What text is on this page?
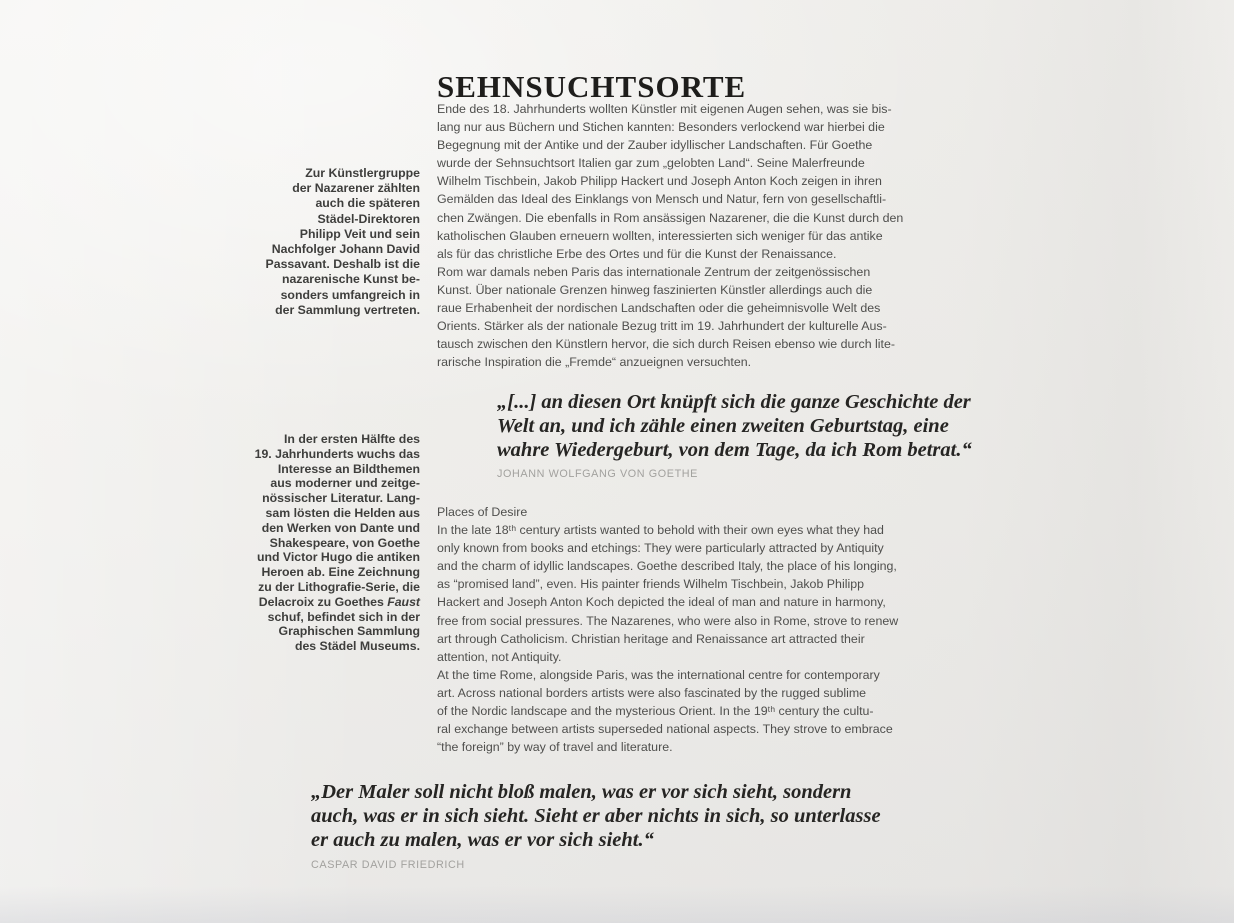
SEHNSUCHTSORTE
Zur Künstlergruppe
der Nazarener zählten
auch die späteren
Städel-Direktoren
Philipp Veit und sein
Nachfolger Johann David
Passavant. Deshalb ist die
nazarenische Kunst be-
sonders umfangreich in
der Sammlung vertreten.
Ende des 18. Jahrhunderts wollten Künstler mit eigenen Augen sehen, was sie bis-
lang nur aus Büchern und Stichen kannten: Besonders verlockend war hierbei die
Begegnung mit der Antike und der Zauber idyllischer Landschaften. Für Goethe
wurde der Sehnsuchtsort Italien gar zum „gelobten Land“. Seine Malerfreunde
Wilhelm Tischbein, Jakob Philipp Hackert und Joseph Anton Koch zeigen in ihren
Gemälden das Ideal des Einklangs von Mensch und Natur, fern von gesellschaftli-
chen Zwängen. Die ebenfalls in Rom ansässigen Nazarener, die die Kunst durch den
katholischen Glauben erneuern wollten, interessierten sich weniger für das antike
als für das christliche Erbe des Ortes und für die Kunst der Renaissance.
Rom war damals neben Paris das internationale Zentrum der zeitgenössischen
Kunst. Über nationale Grenzen hinweg faszinierten Künstler allerdings auch die
raue Erhabenheit der nordischen Landschaften oder die geheimnisvolle Welt des
Orients. Stärker als der nationale Bezug tritt im 19. Jahrhundert der kulturelle Aus-
tausch zwischen den Künstlern hervor, die sich durch Reisen ebenso wie durch lite-
rarische Inspiration die „Fremde“ anzueignen versuchten.
„[...] an diesen Ort knüpft sich die ganze Geschichte der
Welt an, und ich zähle einen zweiten Geburtstag, eine
wahre Wiedergeburt, von dem Tage, da ich Rom betrat.“
JOHANN WOLFGANG VON GOETHE
In der ersten Hälfte des
19. Jahrhunderts wuchs das
Interesse an Bildthemen
aus moderner und zeitge-
nössischer Literatur. Lang-
sam lösten die Helden aus
den Werken von Dante und
Shakespeare, von Goethe
und Victor Hugo die antiken
Heroen ab. Eine Zeichnung
zu der Lithografie-Serie, die
Delacroix zu Goethes Faust
schuf, befindet sich in der
Graphischen Sammlung
des Städel Museums.
Places of Desire
In the late 18ᵗʰ century artists wanted to behold with their own eyes what they had
only known from books and etchings: They were particularly attracted by Antiquity
and the charm of idyllic landscapes. Goethe described Italy, the place of his longing,
as “promised land”, even. His painter friends Wilhelm Tischbein, Jakob Philipp
Hackert and Joseph Anton Koch depicted the ideal of man and nature in harmony,
free from social pressures. The Nazarenes, who were also in Rome, strove to renew
art through Catholicism. Christian heritage and Renaissance art attracted their
attention, not Antiquity.
At the time Rome, alongside Paris, was the international centre for contemporary
art. Across national borders artists were also fascinated by the rugged sublime
of the Nordic landscape and the mysterious Orient. In the 19ᵗʰ century the cultu-
ral exchange between artists superseded national aspects. They strove to embrace
“the foreign” by way of travel and literature.
„Der Maler soll nicht bloß malen, was er vor sich sieht, sondern
auch, was er in sich sieht. Sieht er aber nichts in sich, so unterlasse
er auch zu malen, was er vor sich sieht.“
CASPAR DAVID FRIEDRICH
